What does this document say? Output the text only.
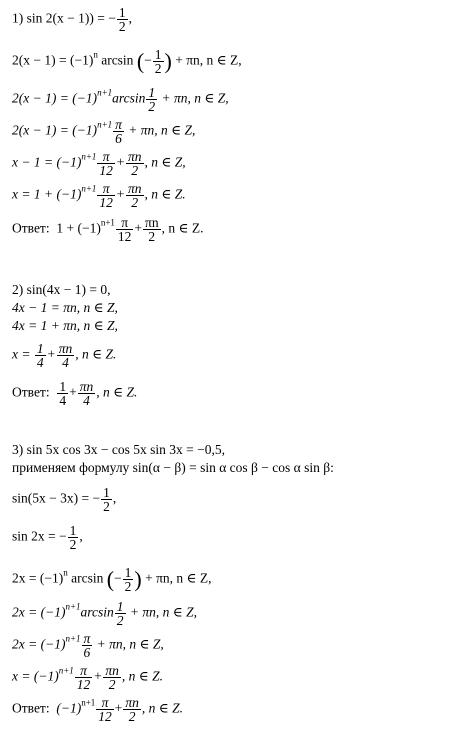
1) sin 2(x − 1)) = − $\frac{1}{2}$ ,
$2(x - 1) = (-1)^n$ arcsin (− $\frac{1}{2}$ ) + πn, n ∈ Z,
$2(x - 1) = (-1)^{n+1}\arcsin \frac{1}{2} + \pi n$, n ∈ Z,
$2(x - 1) = (-1)^{n+1} \frac{\pi}{6} + \pi n$, n ∈ Z,
$x - 1 = (-1)^{n+1} \frac{\pi}{12} + \frac{\pi n}{2}$ , n ∈ Z,
$x = 1 + (-1)^{n+1} \frac{\pi}{12} + \frac{\pi n}{2}$ , n ∈ Z.
Ответ: $1 + (-1)^{n+1} \frac{\pi}{12} + \frac{\pi n}{2}$ , n ∈ Z.
2) sin(4x − 1) = 0,
4x − 1 = πn, n ∈ Z,
4x = 1 + πn, n ∈ Z,
$x = \frac{1}{4} + \frac{\pi n}{4}$ , n ∈ Z.
Ответ: $\frac{1}{4} + \frac{\pi n}{4}$ , n ∈ Z.
3) sin 5x cos 3x − cos 5x sin 3x = −0,5,
применяем формулу sin(α − β) = sin α cos β − cos α sin β:
sin(5x − 3x) = − $\frac{1}{2}$ ,
sin 2x = − $\frac{1}{2}$ ,
$2x = (-1)^n$ arcsin (− $\frac{1}{2}$ ) + πn, n ∈ Z,
$2x = (-1)^{n+1}\arcsin \frac{1}{2} + \pi n$, n ∈ Z,
$2x = (-1)^{n+1} \frac{\pi}{6} + \pi n$, n ∈ Z,
$x = (-1)^{n+1} \frac{\pi}{12} + \frac{\pi n}{2}$ , n ∈ Z.
Ответ: $(-1)^{n+1} \frac{\pi}{12} + \frac{\pi n}{2}$ , n ∈ Z.
